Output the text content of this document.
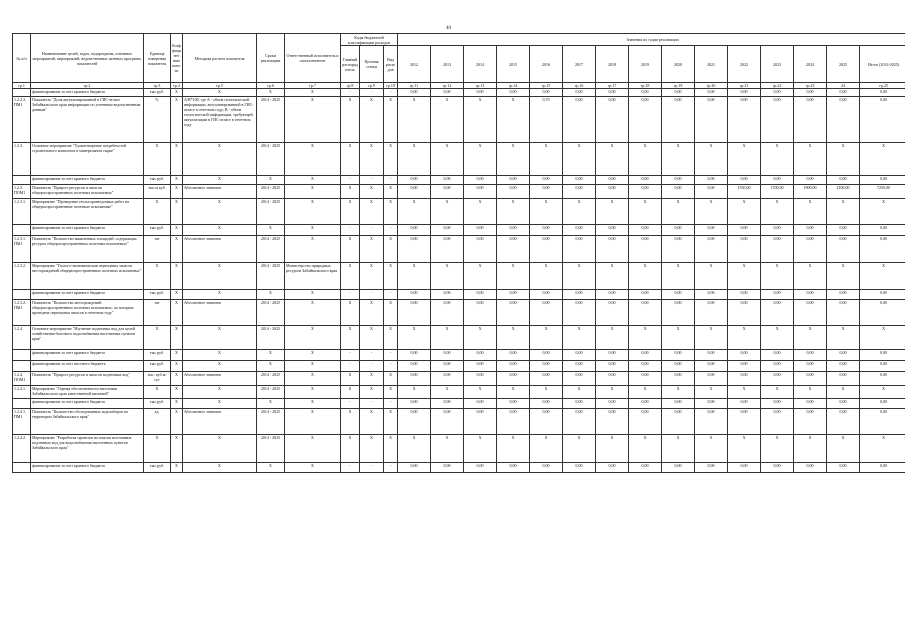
40
№ п/п	Наименование целей, задач, подпрограмм, основных мероприятий, мероприятий, ведомственных целевых программ, показателей	Единица измерения показателя	Коэффициент значимости	Методика расчета показателя	Сроки реализации	Ответственный исполнитель и соисполнители	Коды бюджетной классификации расходов			Значения по годам реализации														
							Главный распорядитель	Целевая статья	Вид расходов	2012	2013	2014	2015	2016	2017	2018	2019	2020	2021	2022	2023	2024	2025	Итого (2014-2025)
гр.1	гр.2	гр.3	гр.4	гр.5	гр.6	гр.7	гр.8	гр.9	гр.10	гр.11	гр.12	гр.13	гр.14	гр.15	гр.16	гр.17	гр.18	гр.19	гр.20	гр.21	гр.22	гр.23	24	гр.25
	финансирование за счет краевого бюджета	тыс.руб.	X	X	X	X	-	-	-	0,00	0,00	0,00	0,00	0,00	0,00	0,00	0,00	0,00	0,00	0,00	0,00	0,00	0,00	0,00
1.2.2.3. ПМ1	Показатель "Доля актуализированной в ГИС-атласе Забайкальского края информации по учтенным ведомственным данным"	%	X	A/B*100, где A - объем геологической информации, актуализированной в ГИС-атласе в отчетном году; B - объем геологической информации, требующей актуализации в ГИС-атласе в отчетном году	2014 - 2025	X	X	X	X	X	X	X	X	0,70	0,00	0,00	0,00	0,00	0,00	0,00	0,00	0,00	0,00	0,00
1.2.3.	Основное мероприятие "Удовлетворение потребностей строительного комплекса в минеральном сырье"	X	X	X	2014 - 2025	X	X	X	X	X	X	X	X	X	X	X	X	X	X	X	X	X	X	X
	финансирование за счет краевого бюджета	тыс.руб.	X	X	X	X	-	-	-	0,00	0,00	0,00	0,00	0,00	0,00	0,00	0,00	0,00	0,00	0,00	0,00	0,00	0,00	0,00
1.2.3. ПОМ1	Показатель "Прирост ресурсов и запасов общераспространенных полезных ископаемых"	тыс.м куб.	X	Абсолютное значение	2014 - 2025	X	X	X	X	0,00	0,00	0,00	0,00	0,00	0,00	0,00	0,00	0,00	0,00	1550,00	1700,00	1900,00	2100,00	7250,00
1.2.3.1.	Мероприятие "Проведение геологоразведочных работ на общераспространенные полезные ископаемые"	X	X	X	2014 - 2025	X	X	X	X	X	X	X	X	X	X	X	X	X	X	X	X	X	X	X
	финансирование за счет краевого бюджета	тыс.руб.	X	X	X	X	-	-	-	0,00	0,00	0,00	0,00	0,00	0,00	0,00	0,00	0,00	0,00	0,00	0,00	0,00	0,00	0,00
1.2.3.1. ПМ1	Показатель "Количество выявленных площадей, содержащих ресурсы общераспространенных полезных ископаемых"	шт	X	Абсолютное значение	2014 - 2025	X	X	X	X	0,00	0,00	0,00	0,00	0,00	0,00	0,00	0,00	0,00	0,00	0,00	0,00	0,00	0,00	0,00
1.2.3.2.	Мероприятие "Геолого-экономическая переоценка запасов месторождений общераспространенных полезных ископаемых"	X	X	X	2014 - 2025	Министерство природных ресурсов Забайкальского края	X	X	X	X	X	X	X	X	X	X	X	X	X	X	X	X	X	X
	финансирование за счет краевого бюджета	тыс.руб.	X	X	X	X	-	-	-	0,00	0,00	0,00	0,00	0,00	0,00	0,00	0,00	0,00	0,00	0,00	0,00	0,00	0,00	0,00
1.2.3.2. ПМ1	Показатель "Количество месторождений общераспространенных полезных ископаемых, по которым проведена переоценка запасов в отчетном году"	шт	X	Абсолютное значение	2014 - 2025	X	X	X	X	0,00	0,00	0,00	0,00	0,00	0,00	0,00	0,00	0,00	0,00	0,00	0,00	0,00	0,00	0,00
1.2.4.	Основное мероприятие "Изучение подземных вод для целей хозяйственно-бытового водоснабжения населенных пунктов края"	X	X	X	2014 - 2025	X	X	X	X	X	X	X	X	X	X	X	X	X	X	X	X	X	X	X
	финансирование за счет краевого бюджета	тыс.руб.	X	X	X	X	-	-	-	0,00	0,00	0,00	0,00	0,00	0,00	0,00	0,00	0,00	0,00	0,00	0,00	0,00	0,00	0,00
	финансирование за счет местного бюджета	тыс.руб.	X	X	X	X	-	-	-	0,00	0,00	0,00	0,00	0,00	0,00	0,00	0,00	0,00	0,00	0,00	0,00	0,00	0,00	0,00
1.2.4. ПОМ1	Показатель "Прирост ресурсов и запасов подземных вод"	тыс. куб.м/сут	X	Абсолютное значение	2014 - 2025	X	X	X	X	0,00	0,00	0,00	0,00	0,00	0,00	0,00	0,00	0,00	0,00	0,00	0,00	0,00	0,00	0,00
1.2.4.1.	Мероприятие "Оценка обеспеченности населения Забайкальского края качественной питьевой"	X	X	X	2014 - 2025	X	X	X	X	X	X	X	X	X	X	X	X	X	X	X	X	X	X	X
	финансирование за счет краевого бюджета	тыс.руб.	X	X	X	X	-	-	-	0,00	0,00	0,00	0,00	0,00	0,00	0,00	0,00	0,00	0,00	0,00	0,00	0,00	0,00	0,00
1.2.4.1. ПМ1	Показатель "Количество обследованных водозаборов на территории Забайкальского края"	ед.	X	Абсолютное значение	2014 - 2025	X	X	X	X	0,00	0,00	0,00	0,00	0,00	0,00	0,00	0,00	0,00	0,00	0,00	0,00	0,00	0,00	0,00
1.2.4.2.	Мероприятие "Разработка проектов на поиски источников подземных вод для водоснабжения населенных пунктов Забайкальского края"	X	X	X	2014 - 2025	X	X	X	X	X	X	X	X	X	X	X	X	X	X	X	X	X	X	X
	финансирование за счет краевого бюджета	тыс.руб.	X	X	X	X	-	-	-	0,00	0,00	0,00	0,00	0,00	0,00	0,00	0,00	0,00	0,00	0,00	0,00	0,00	0,00	0,00
